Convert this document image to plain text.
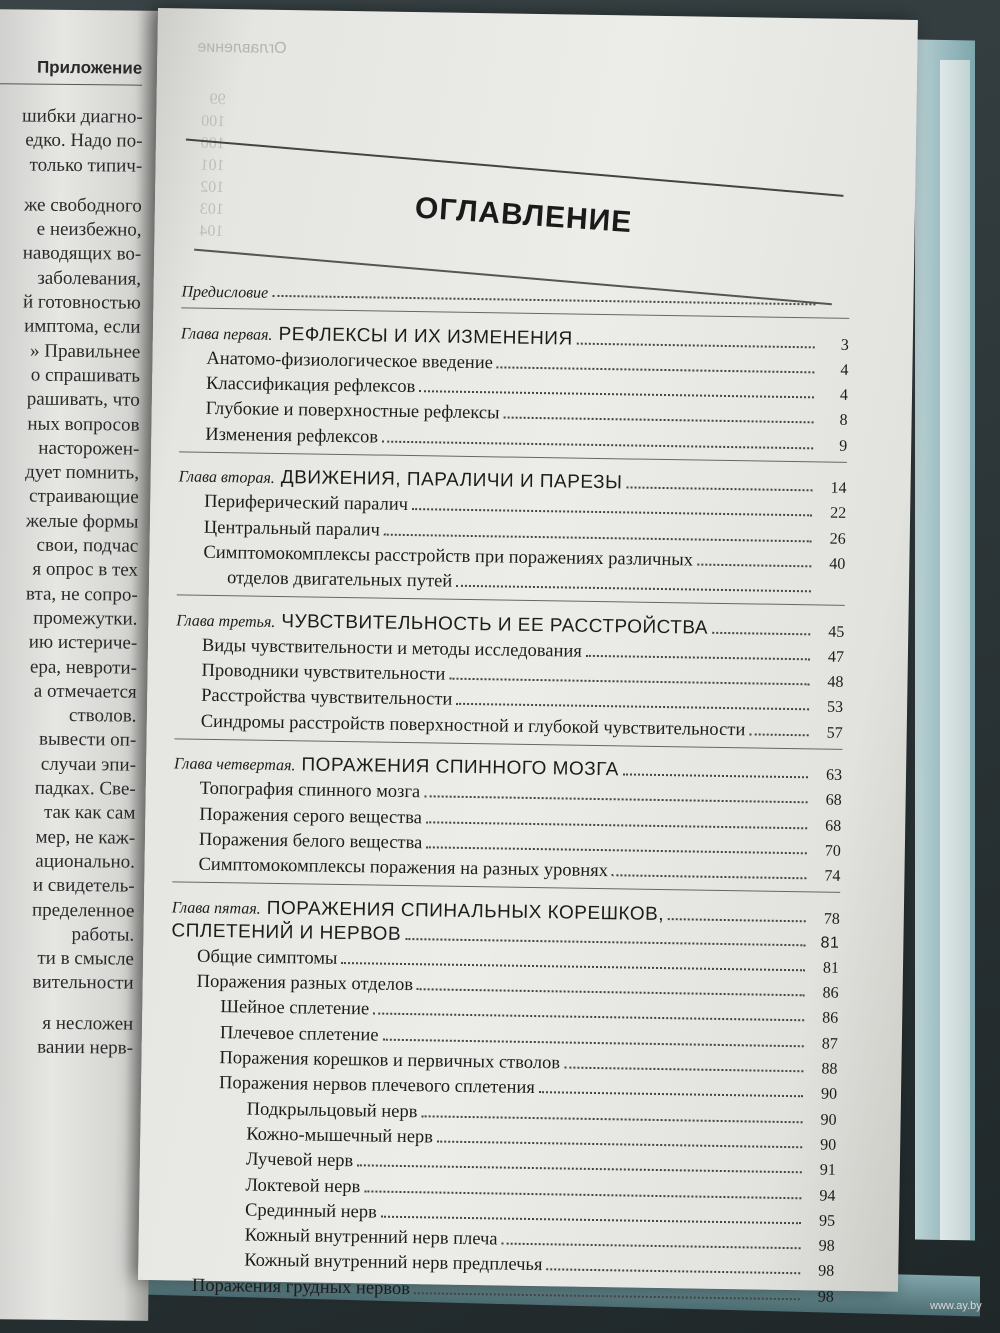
Приложение
шибки диагно-
едко. Надо по-
только типич-
же свободного
е неизбежно,
наводящих во-
заболевания,
й готовностью
имптома, если
» Правильнее
о спрашивать
рашивать, что
ных вопросов
насторожен-
дует помнить,
страивающие
желые формы
свои, подчас
я опрос в тех
вта, не сопро-
промежутки.
ию истериче-
ера, невроти-
а отмечается
стволов.
вывести оп-
случаи эпи-
падках. Све-
так как сам
мер, не каж-
ационально.
и свидетель-
пределенное
работы.
ти в смысле
вительности
я несложен
вании нерв-
Оглавление
99
100
100
101
102
103
104	ОГЛАВЛЕНИЕ
Предисловие
Глава первая. РЕФЛЕКСЫ И ИХ ИЗМЕНЕНИЯ	3
Анатомо-физиологическое введение	4
Классификация рефлексов	4
Глубокие и поверхностные рефлексы	8
Изменения рефлексов	9
Глава вторая. ДВИЖЕНИЯ, ПАРАЛИЧИ И ПАРЕЗЫ	14
Периферический паралич	22
Центральный паралич	26
Симптомокомплексы расстройств при поражениях различных	40
отделов двигательных путей
Глава третья. ЧУВСТВИТЕЛЬНОСТЬ И ЕЕ РАССТРОЙСТВА	45
Виды чувствительности и методы исследования	47
Проводники чувствительности	48
Расстройства чувствительности	53
Синдромы расстройств поверхностной и глубокой чувствительности	57
Глава четвертая. ПОРАЖЕНИЯ СПИННОГО МОЗГА	63
Топография спинного мозга	68
Поражения серого вещества	68
Поражения белого вещества	70
Симптомокомплексы поражения на разных уровнях	74
Глава пятая. ПОРАЖЕНИЯ СПИНАЛЬНЫХ КОРЕШКОВ,	78
СПЛЕТЕНИЙ И НЕРВОВ	81
Общие симптомы	81
Поражения разных отделов	86
Шейное сплетение	86
Плечевое сплетение	87
Поражения корешков и первичных стволов	88
Поражения нервов плечевого сплетения	90
Подкрыльцовый нерв	90
Кожно-мышечный нерв	90
Лучевой нерв	91
Локтевой нерв	94
Срединный нерв	95
Кожный внутренний нерв плеча	98
Кожный внутренний нерв предплечья	98
Поражения грудных нервов	98
www.ay.by
